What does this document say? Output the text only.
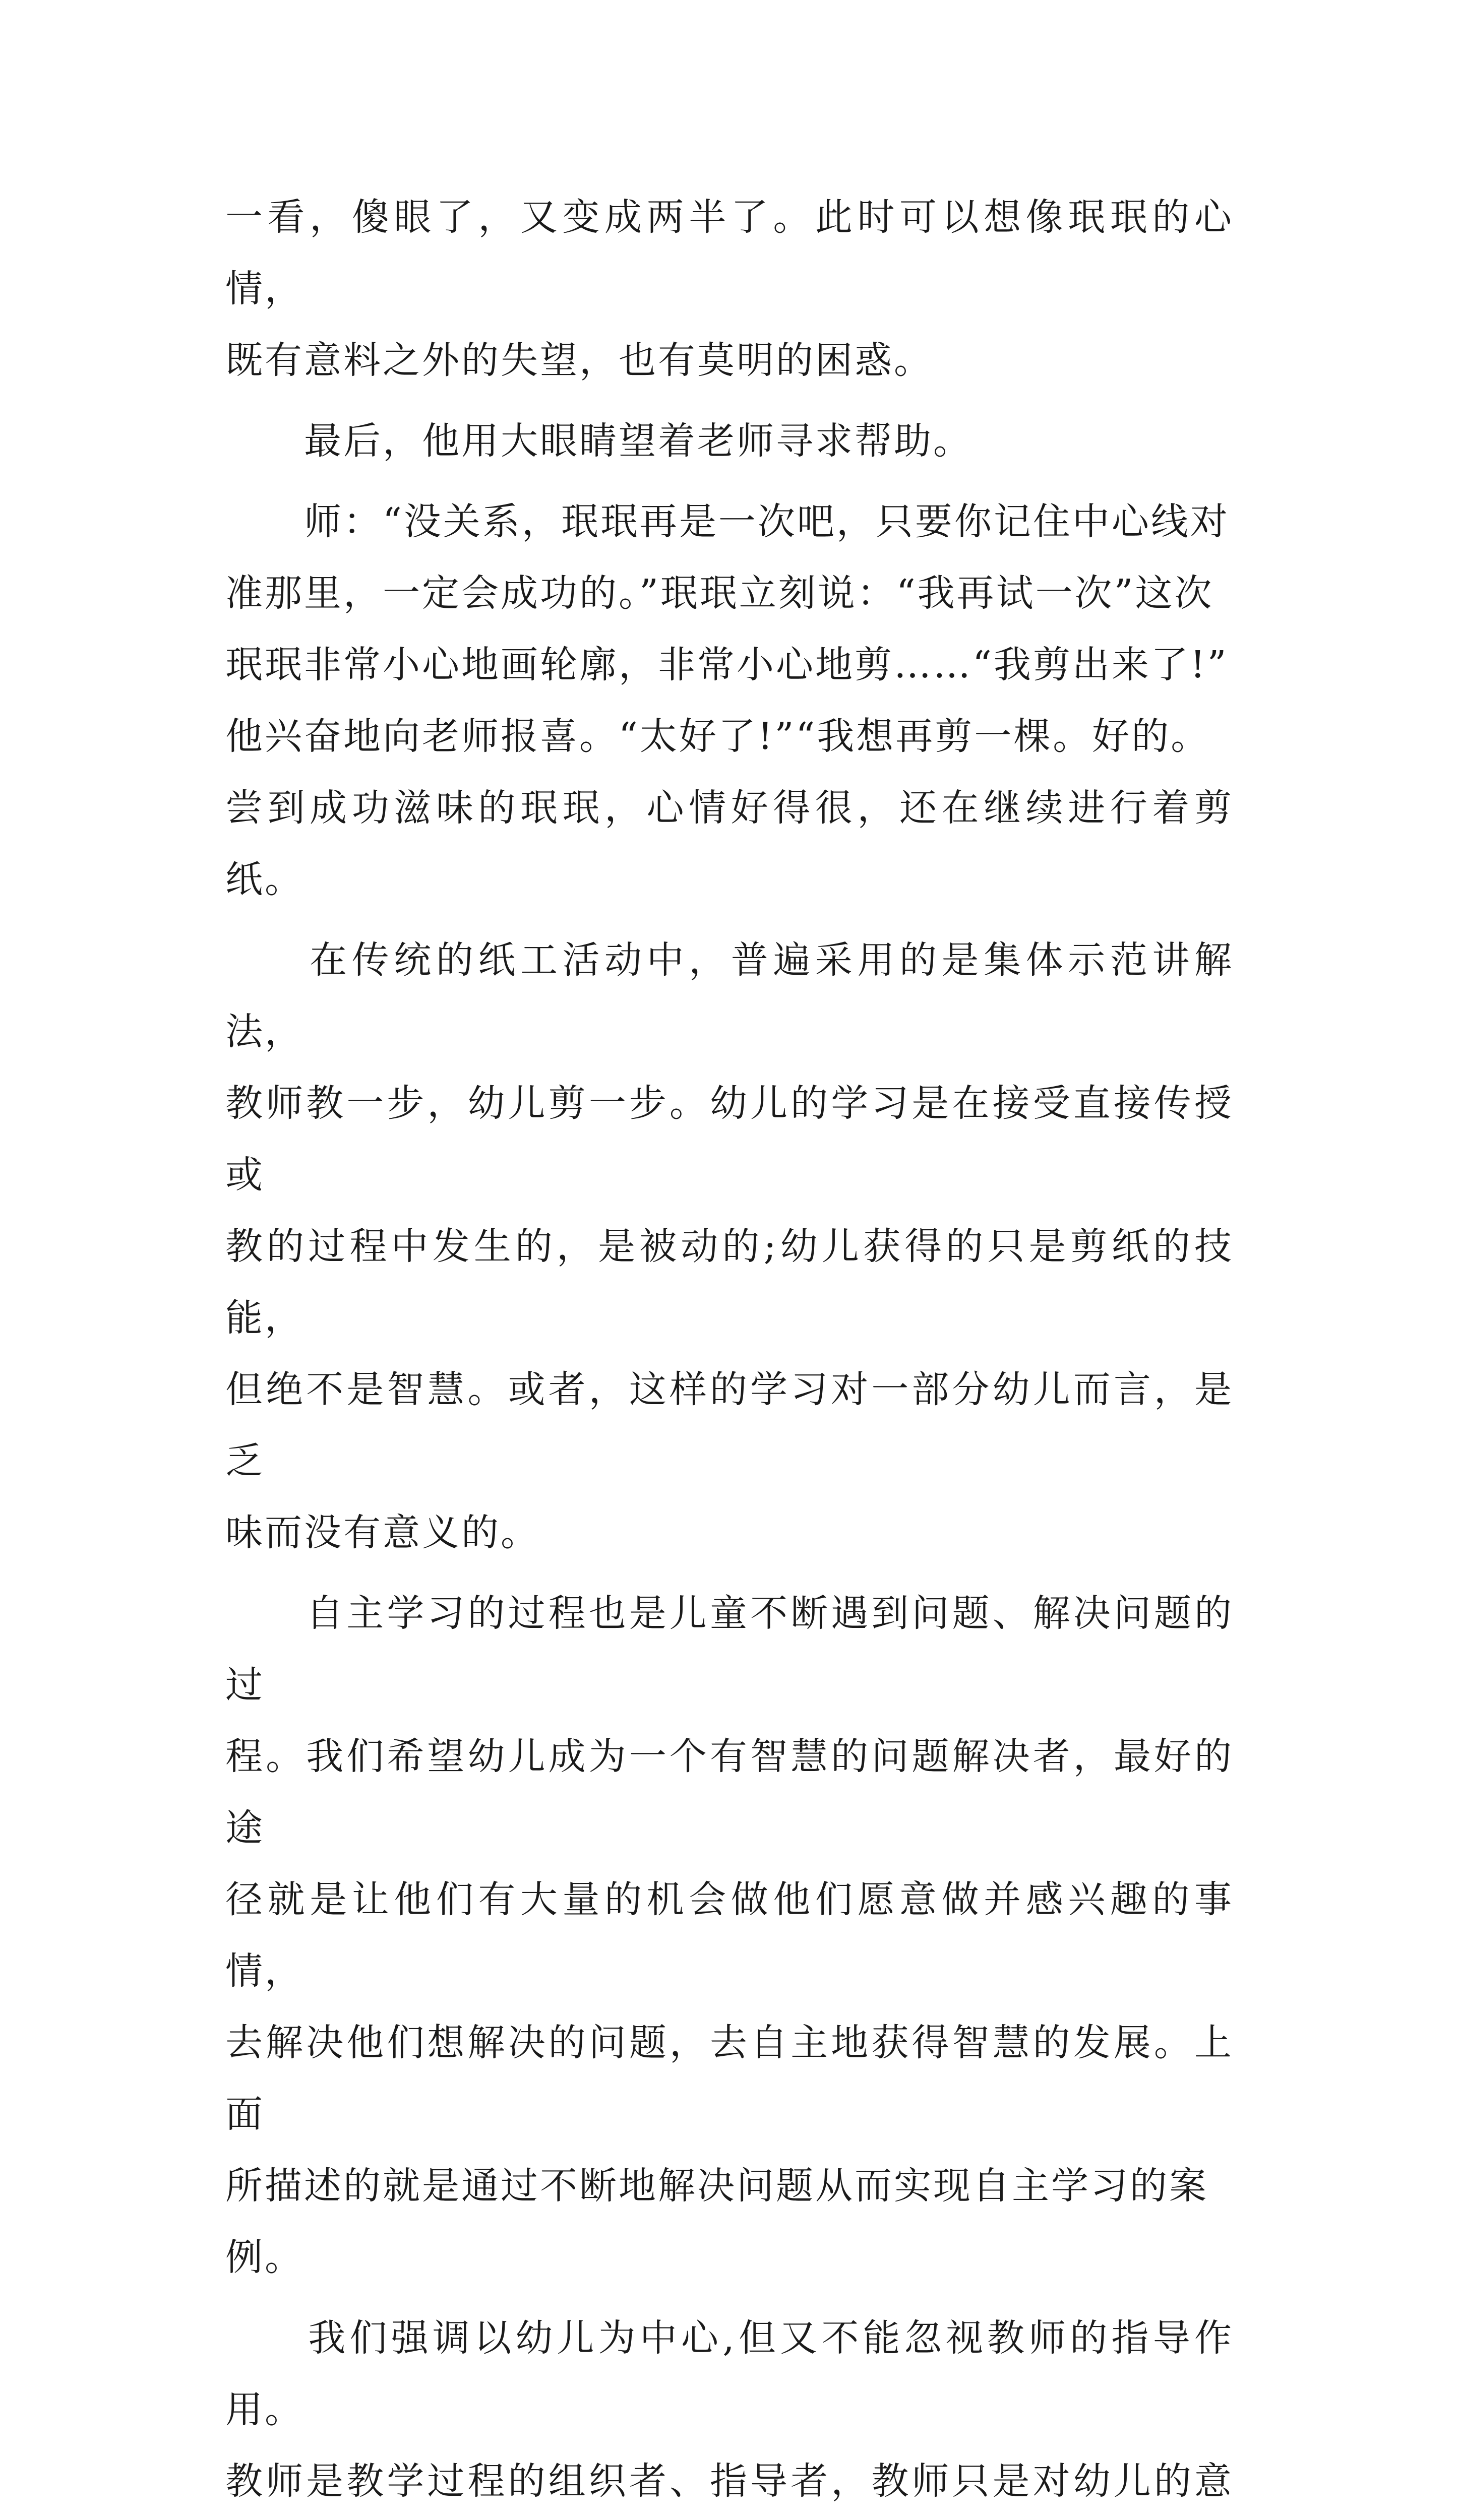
一看，傻眼了，又变成两半了。此时可以想像珉珉的心情，
既有意料之外的失望，也有莫明的困惑。

　　最后，他用大眼睛望着老师寻求帮助。

　　师：“没关系，珉珉再是一次吧，只要你记住中心线对
准那里，一定会成功的。”珉珉立刻说：“我再试一次”这次
珉珉非常小心地画轮廓，非常小心地剪……“我剪出来了!”
他兴奋地向老师报喜。“太好了!”“我想再剪一棵。好的。
尝到成功滋味的珉珉，心情好得很，还在继续进行着剪纸。

　　在传统的纸工活动中，普遍采用的是集体示范讲解法，
教师教一步，幼儿剪一步。幼儿的学习是在接受直接传授或
教的过程中发生的，是被动的;幼儿获得的只是剪纸的技能，
但绝不是智慧。或者，这样的学习对一部分幼儿而言，是乏
味而没有意义的。

　　自主学习的过程也是儿童不断遇到问题、解决问题的过
程。我们希望幼儿成为一个有智慧的问题解决者，最好的途
径就是让他们有大量的机会做他们愿意做并感兴趣的事情，
去解决他们想解决的问题，去自主地获得智慧的发展。上面
所描述的就是通过不断地解决问题从而实现自主学习的案
例。

　　我们强调以幼儿为中心,但又不能忽视教师的指导作用。
教师是教学过程的组织者、指导者，教师只是对幼儿的意
